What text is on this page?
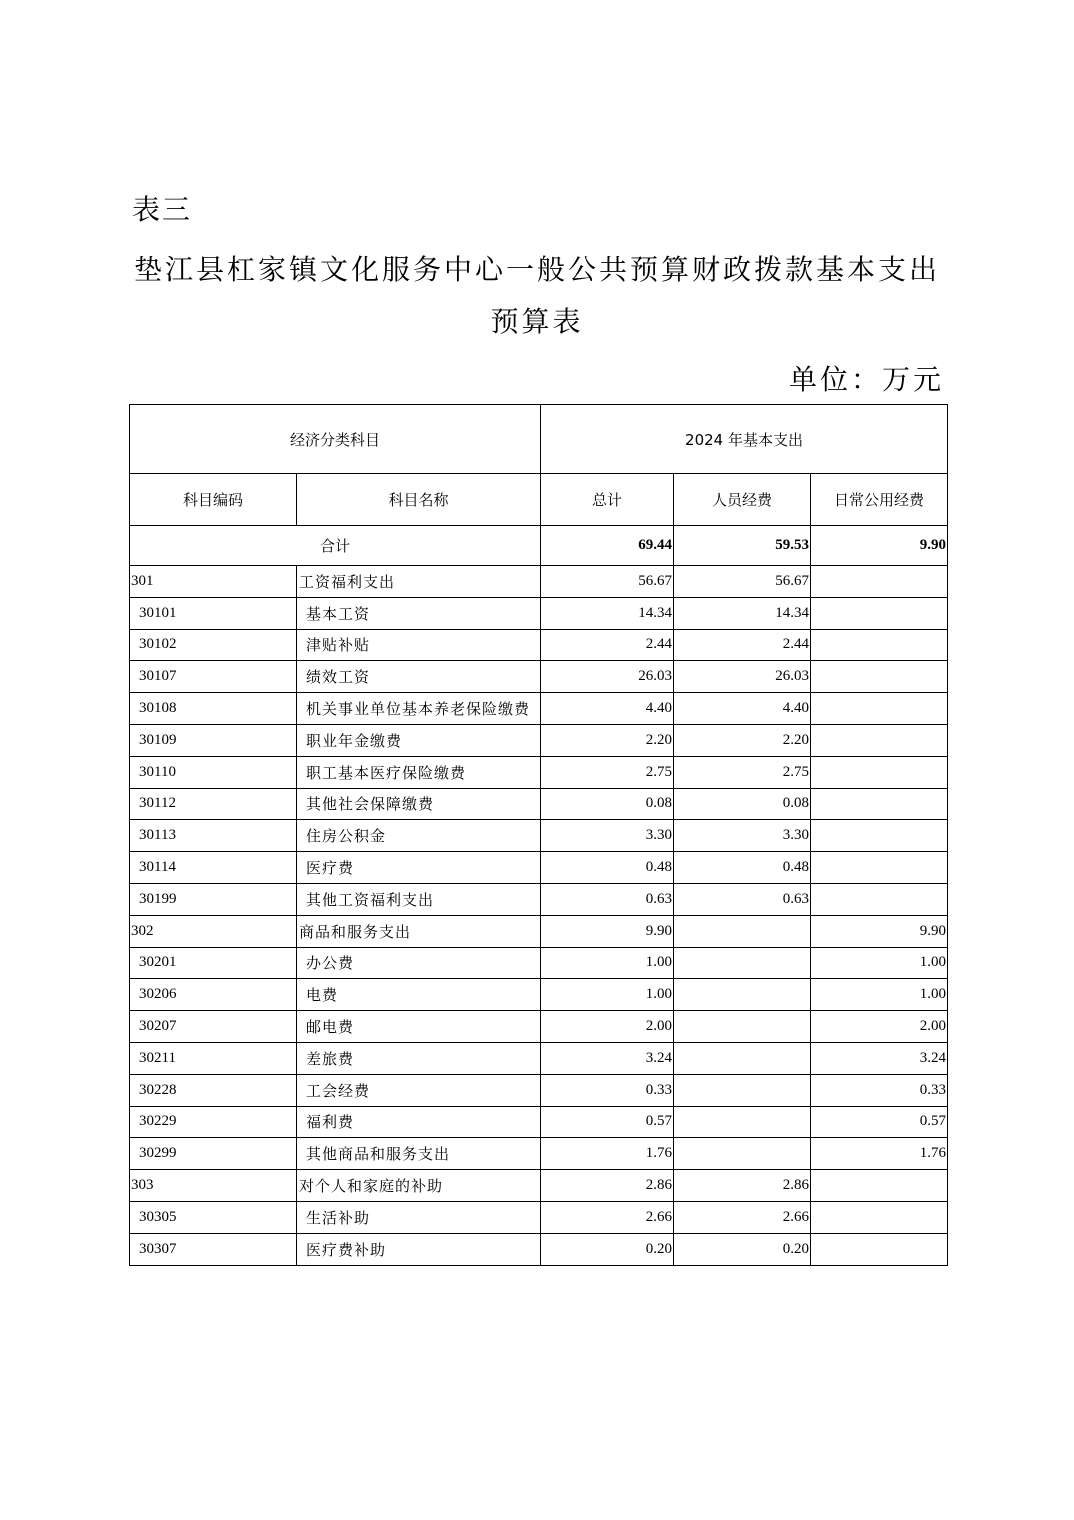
表三
垫江县杠家镇文化服务中心一般公共预算财政拨款基本支出
预算表
单位：万元
经济分类科目		2024 年基本支出		
科目编码	科目名称	总计	人员经费	日常公用经费
合计		69.44	59.53	9.90
301	工资福利支出	56.67	56.67	
30101	基本工资	14.34	14.34	
30102	津贴补贴	2.44	2.44	
30107	绩效工资	26.03	26.03	
30108	机关事业单位基本养老保险缴费	4.40	4.40	
30109	职业年金缴费	2.20	2.20	
30110	职工基本医疗保险缴费	2.75	2.75	
30112	其他社会保障缴费	0.08	0.08	
30113	住房公积金	3.30	3.30	
30114	医疗费	0.48	0.48	
30199	其他工资福利支出	0.63	0.63	
302	商品和服务支出	9.90		9.90
30201	办公费	1.00		1.00
30206	电费	1.00		1.00
30207	邮电费	2.00		2.00
30211	差旅费	3.24		3.24
30228	工会经费	0.33		0.33
30229	福利费	0.57		0.57
30299	其他商品和服务支出	1.76		1.76
303	对个人和家庭的补助	2.86	2.86	
30305	生活补助	2.66	2.66	
30307	医疗费补助	0.20	0.20	
